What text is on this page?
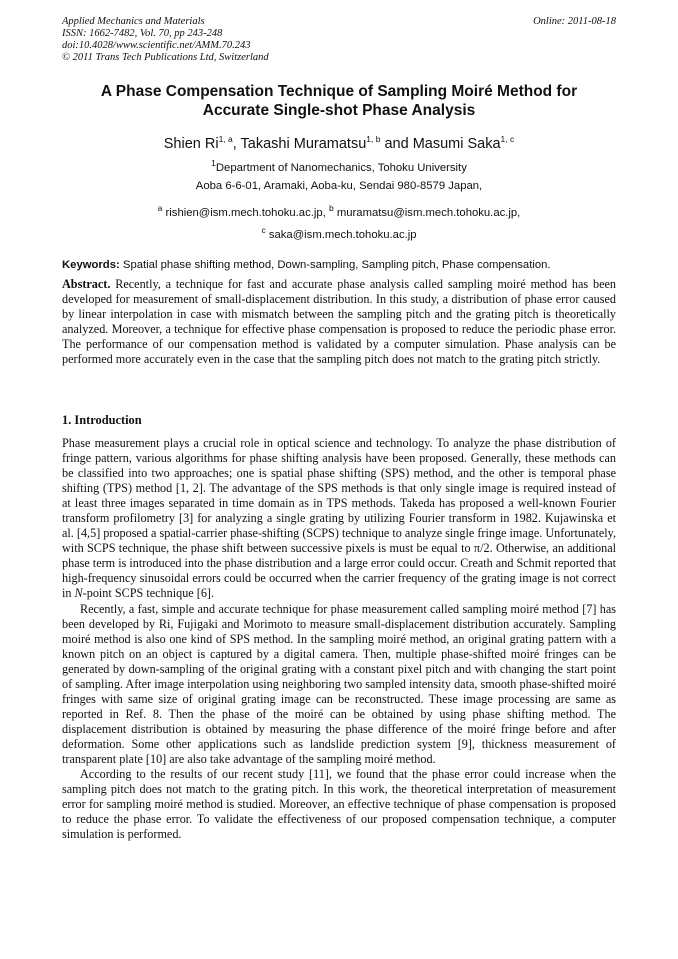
Applied Mechanics and Materials
ISSN: 1662-7482, Vol. 70, pp 243-248
doi:10.4028/www.scientific.net/AMM.70.243
© 2011 Trans Tech Publications Ltd, Switzerland
Online: 2011-08-18
A Phase Compensation Technique of Sampling Moiré Method for
Accurate Single-shot Phase Analysis
Shien Ri$^{1, a}$, Takashi Muramatsu$^{1, b}$ and Masumi Saka$^{1, c}$
$^1$Department of Nanomechanics, Tohoku University
Aoba 6-6-01, Aramaki, Aoba-ku, Sendai 980-8579 Japan,
$^a$ rishien@ism.mech.tohoku.ac.jp, $^b$ muramatsu@ism.mech.tohoku.ac.jp,
$^c$ saka@ism.mech.tohoku.ac.jp
Keywords: Spatial phase shifting method, Down-sampling, Sampling pitch, Phase compensation.

Abstract. Recently, a technique for fast and accurate phase analysis called sampling moiré method has been developed for measurement of small-displacement distribution. In this study, a distribution of phase error caused by linear interpolation in case with mismatch between the sampling pitch and the grating pitch is theoretically analyzed. Moreover, a technique for effective phase compensation is proposed to reduce the periodic phase error. The performance of our compensation method is validated by a computer simulation. Phase analysis can be performed more accurately even in the case that the sampling pitch does not match to the grating pitch strictly.

1. Introduction

Phase measurement plays a crucial role in optical science and technology. To analyze the phase distribution of fringe pattern, various algorithms for phase shifting analysis have been proposed. Generally, these methods can be classified into two approaches; one is spatial phase shifting (SPS) method, and the other is temporal phase shifting (TPS) method [1, 2]. The advantage of the SPS methods is that only single image is required instead of at least three images separated in time domain as in TPS methods. Takeda has proposed a well-known Fourier transform profilometry [3] for analyzing a single grating by utilizing Fourier transform in 1982. Kujawinska et al. [4,5] proposed a spatial-carrier phase-shifting (SCPS) technique to analyze single fringe image. Unfortunately, with SCPS technique, the phase shift between successive pixels is must be equal to π/2. Otherwise, an additional phase term is introduced into the phase distribution and a large error could occur. Creath and Schmit reported that high-frequency sinusoidal errors could be occurred when the carrier frequency of the grating image is not correct in N-point SCPS technique [6].

Recently, a fast, simple and accurate technique for phase measurement called sampling moiré method [7] has been developed by Ri, Fujigaki and Morimoto to measure small-displacement distribution accurately. Sampling moiré method is also one kind of SPS method. In the sampling moiré method, an original grating pattern with a known pitch on an object is captured by a digital camera. Then, multiple phase-shifted moiré fringes can be generated by down-sampling of the original grating with a constant pixel pitch and with changing the start point of sampling. After image interpolation using neighboring two sampled intensity data, smooth phase-shifted moiré fringes with same size of original grating image can be reconstructed. These image processing are same as reported in Ref. 8. Then the phase of the moiré can be obtained by using phase shifting method. The displacement distribution is obtained by measuring the phase difference of the moiré fringe before and after deformation. Some other applications such as landslide prediction system [9], thickness measurement of transparent plate [10] are also take advantage of the sampling moiré method.

According to the results of our recent study [11], we found that the phase error could increase when the sampling pitch does not match to the grating pitch. In this work, the theoretical interpretation of measurement error for sampling moiré method is studied. Moreover, an effective technique of phase compensation is proposed to reduce the phase error. To validate the effectiveness of our proposed compensation technique, a computer simulation is performed.
